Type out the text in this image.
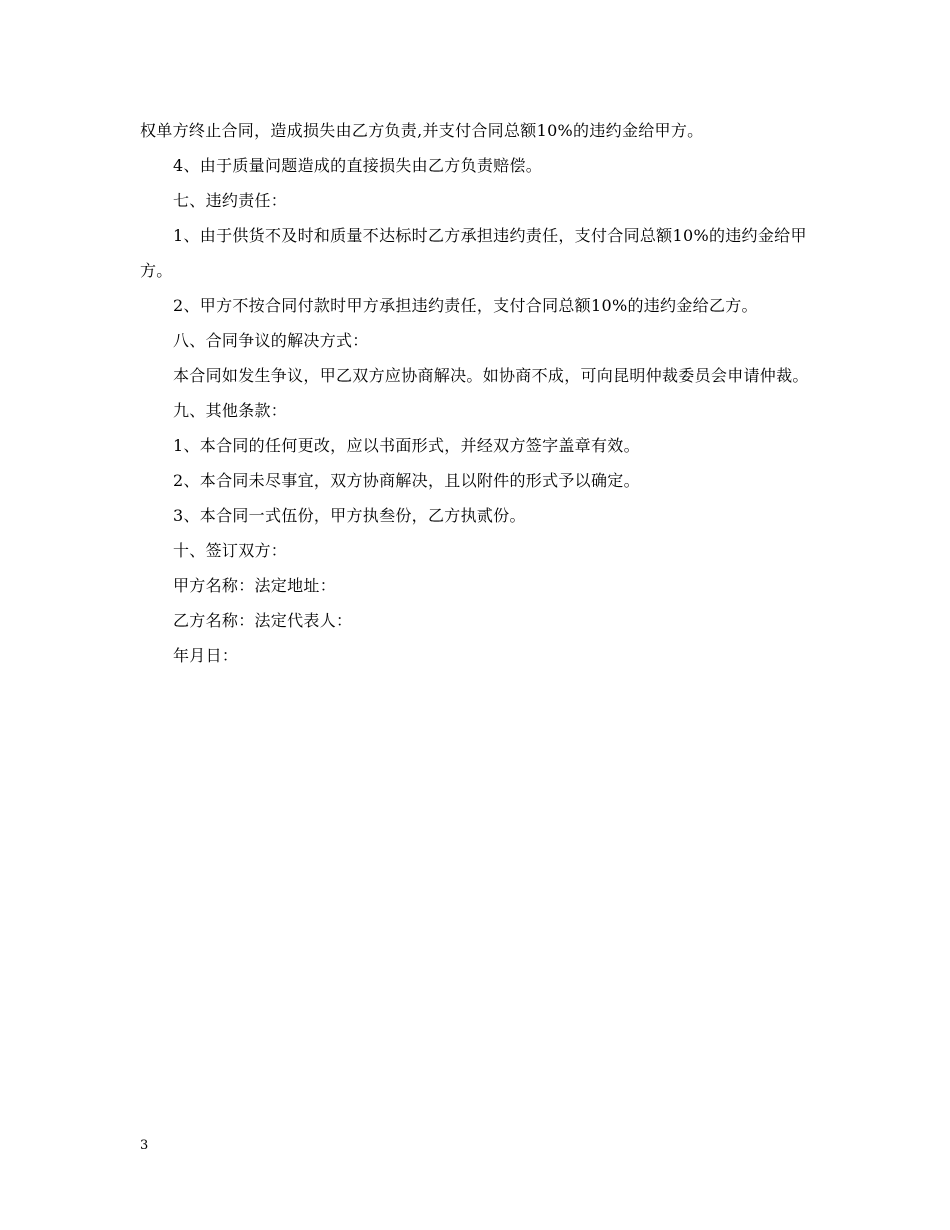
权单方终止合同，造成损失由乙方负责,并支付合同总额10%的违约金给甲方。

4、由于质量问题造成的直接损失由乙方负责赔偿。

七、违约责任：

1、由于供货不及时和质量不达标时乙方承担违约责任，支付合同总额10%的违约金给甲方。

2、甲方不按合同付款时甲方承担违约责任，支付合同总额10%的违约金给乙方。

八、合同争议的解决方式：

本合同如发生争议，甲乙双方应协商解决。如协商不成，可向昆明仲裁委员会申请仲裁。

九、其他条款：

1、本合同的任何更改，应以书面形式，并经双方签字盖章有效。

2、本合同未尽事宜，双方协商解决，且以附件的形式予以确定。

3、本合同一式伍份，甲方执叁份，乙方执贰份。

十、签订双方：

甲方名称：法定地址：

乙方名称：法定代表人：

年月日：

3
